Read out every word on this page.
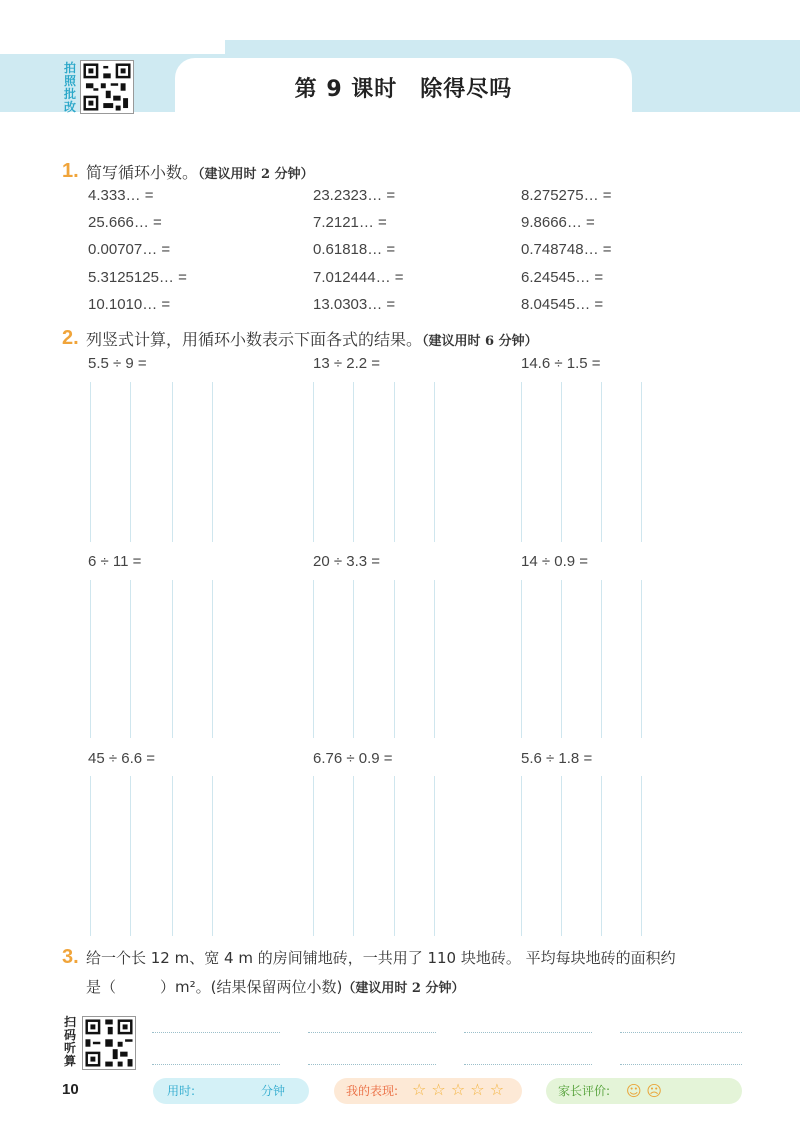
第 9 课时　除得尽吗
拍
照
批
改
1. 简写循环小数。（建议用时 2 分钟）
4.333… =	23.2323… =	8.275275… =
25.666… =	7.2121… =	9.8666… =
0.00707… =	0.61818… =	0.748748… =
5.3125125… =	7.012444… =	6.24545… =
10.1010… =	13.0303… =	8.04545… =
2. 列竖式计算，用循环小数表示下面各式的结果。（建议用时 6 分钟）
5.5 ÷ 9 =	13 ÷ 2.2 =	14.6 ÷ 1.5 =
6 ÷ 11 =	20 ÷ 3.3 =	14 ÷ 0.9 =
45 ÷ 6.6 =	6.76 ÷ 0.9 =	5.6 ÷ 1.8 =
3. 给一个长 12 m、宽 4 m 的房间铺地砖，一共用了 110 块地砖。 平均每块地砖的面积约
是（	）m²。(结果保留两位小数)（建议用时 2 分钟）
扫
码
听
算
10	用时:	分钟	我的表现: ☆ ☆ ☆ ☆ ☆	家长评价: ☺ ☹
